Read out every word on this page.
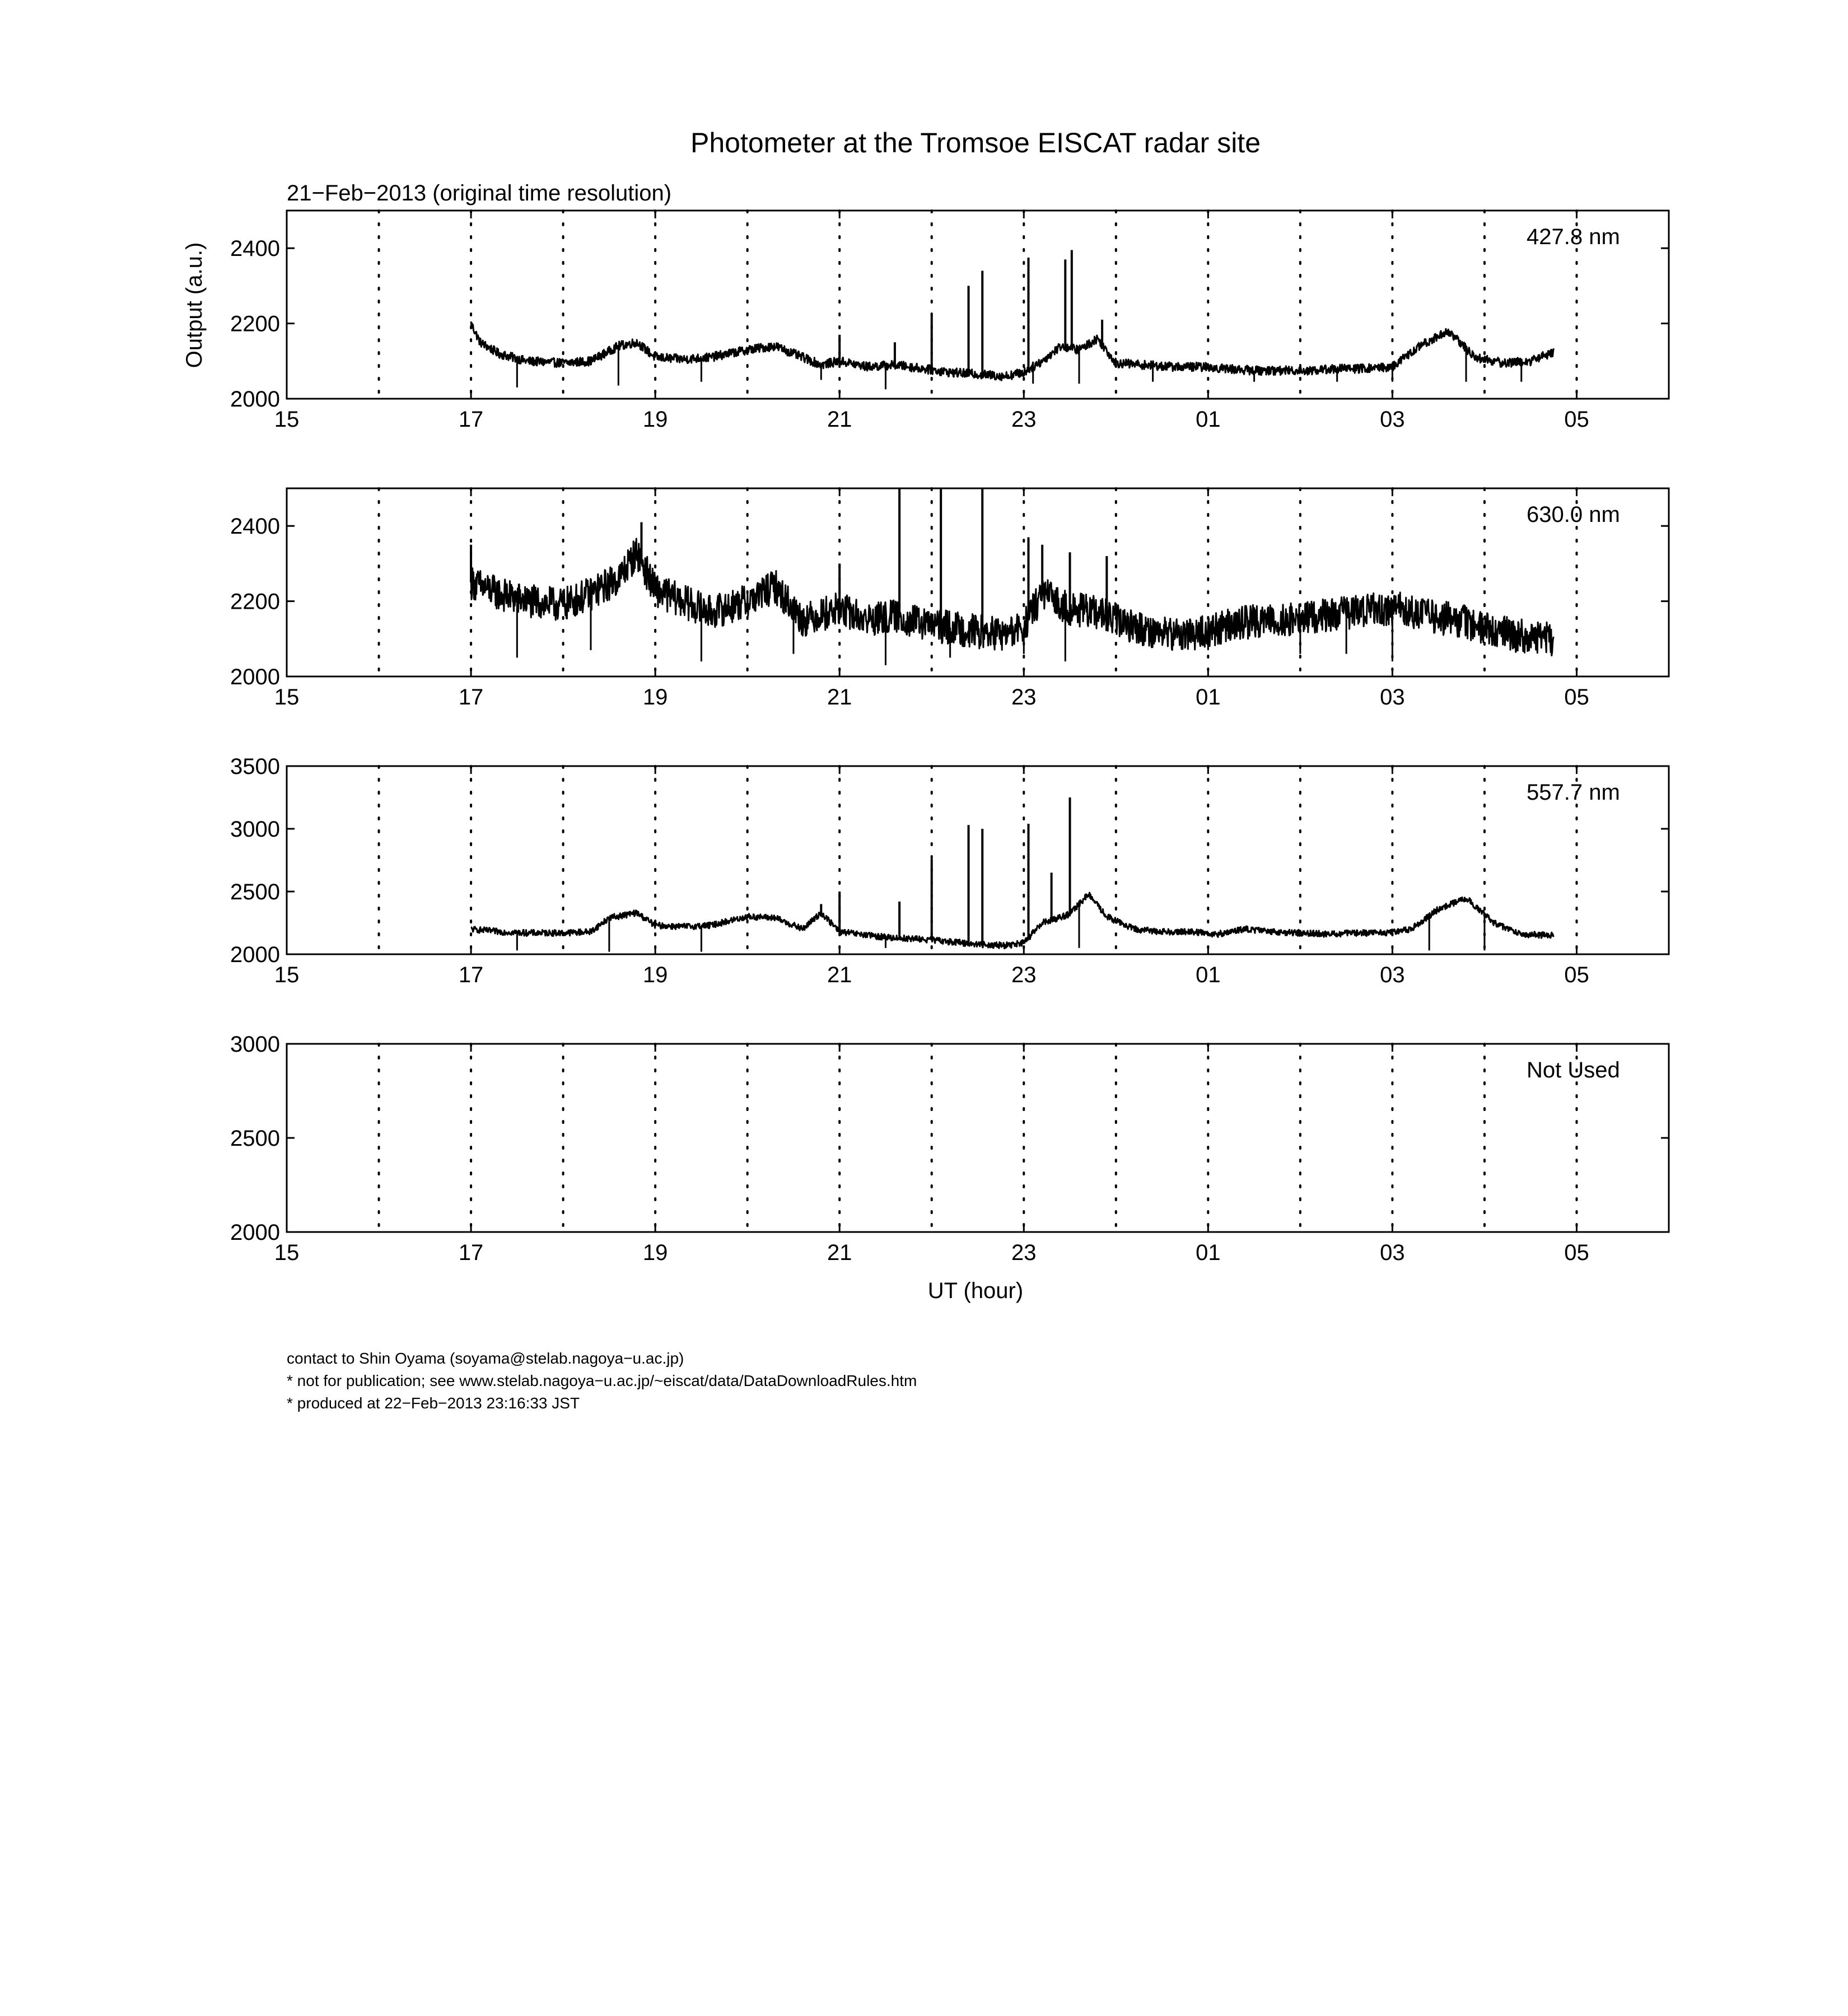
Photometer at the Tromsoe EISCAT radar site
21−Feb−2013 (original time resolution)
Output (a.u.)
UT (hour)
15	17	19	21	23	01	03	05
2000
2200
2400	427.8 nm
15	17	19	21	23	01	03	05
2000
2200
2400	630.0 nm
15	17	19	21	23	01	03	05
2000
2500
3000
3500
557.7 nm
15	17	19	21	23	01	03	05
2000
2500
3000
Not Used
contact to Shin Oyama (soyama@stelab.nagoya−u.ac.jp)
* not for publication; see www.stelab.nagoya−u.ac.jp/~eiscat/data/DataDownloadRules.htm
* produced at 22−Feb−2013 23:16:33 JST
